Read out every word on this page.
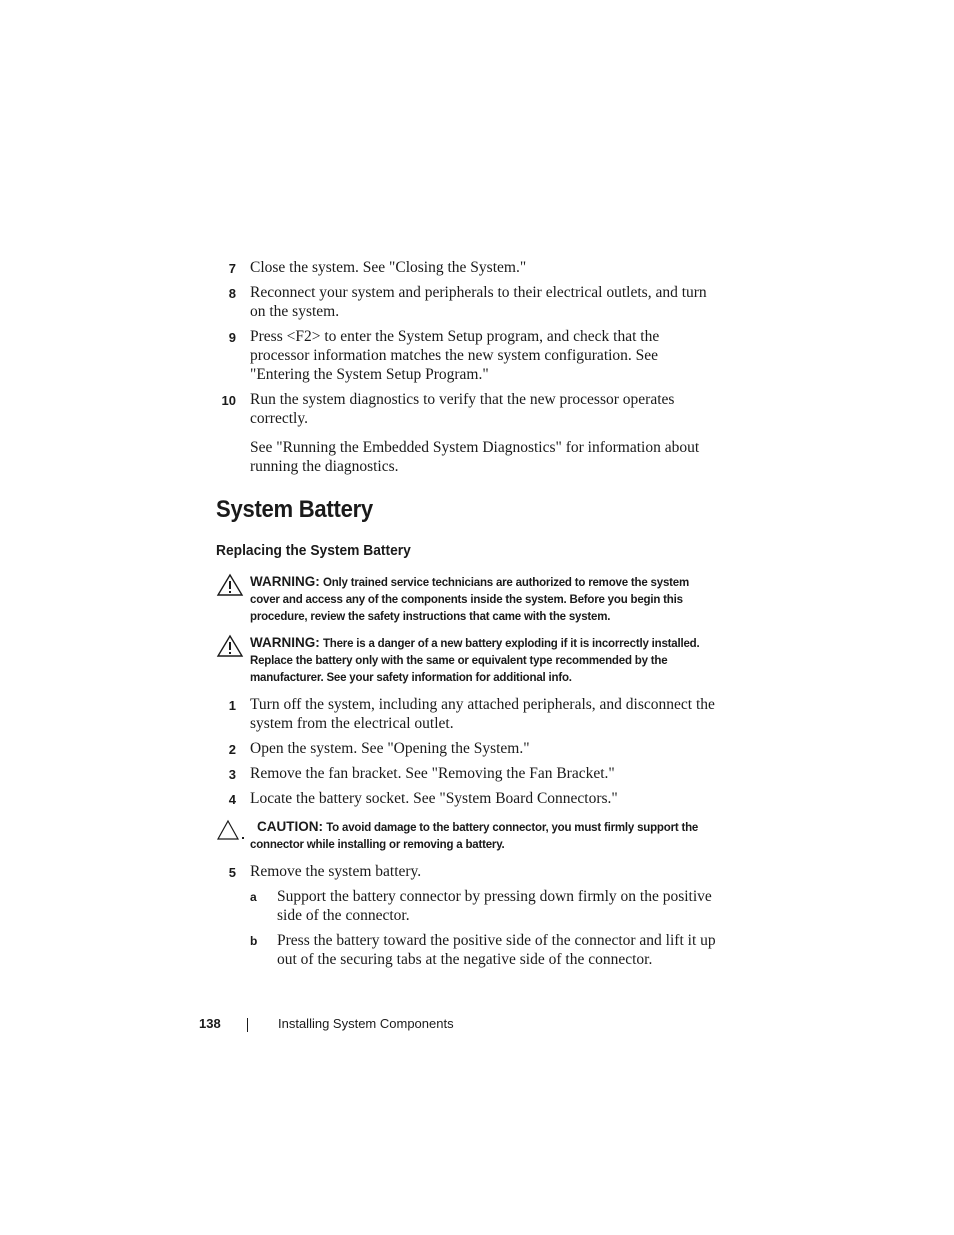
7 Close the system. See "Closing the System."
8 Reconnect your system and peripherals to their electrical outlets, and turn on the system.
9 Press <F2> to enter the System Setup program, and check that the processor information matches the new system configuration. See "Entering the System Setup Program."
10 Run the system diagnostics to verify that the new processor operates correctly.
See "Running the Embedded System Diagnostics" for information about running the diagnostics.
System Battery
Replacing the System Battery
WARNING: Only trained service technicians are authorized to remove the system cover and access any of the components inside the system. Before you begin this procedure, review the safety instructions that came with the system.
WARNING: There is a danger of a new battery exploding if it is incorrectly installed. Replace the battery only with the same or equivalent type recommended by the manufacturer. See your safety information for additional info.
1 Turn off the system, including any attached peripherals, and disconnect the system from the electrical outlet.
2 Open the system. See "Opening the System."
3 Remove the fan bracket. See "Removing the Fan Bracket."
4 Locate the battery socket. See "System Board Connectors."
CAUTION: To avoid damage to the battery connector, you must firmly support the connector while installing or removing a battery.
5 Remove the system battery.
a Support the battery connector by pressing down firmly on the positive side of the connector.
b Press the battery toward the positive side of the connector and lift it up out of the securing tabs at the negative side of the connector.
138	Installing System Components
